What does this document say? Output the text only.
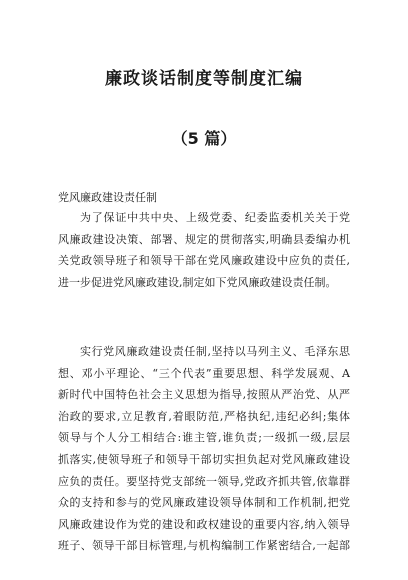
廉政谈话制度等制度汇编
（5 篇）
党风廉政建设责任制
为了保证中共中央、上级党委、纪委监委机关关于党
风廉政建设决策、部署、规定的贯彻落实,明确县委编办机
关党政领导班子和领导干部在党风廉政建设中应负的责任,
进一步促进党风廉政建设,制定如下党风廉政建设责任制。
实行党风廉政建设责任制,坚持以马列主义、毛泽东思
想、邓小平理论、“三个代表”重要思想、科学发展观、A
新时代中国特色社会主义思想为指导,按照从严治党、从严
治政的要求,立足教育,着眼防范,严格执纪,违纪必纠;集体
领导与个人分工相结合:谁主管,谁负责;一级抓一级,层层
抓落实,使领导班子和领导干部切实担负起对党风廉政建设
应负的责任。要坚持党支部统一领导,党政齐抓共管,依靠群
众的支持和参与的党风廉政建设领导体制和工作机制,把党
风廉政建设作为党的建设和政权建设的重要内容,纳入领导
班子、领导干部目标管理,与机构编制工作紧密结合,一起部
